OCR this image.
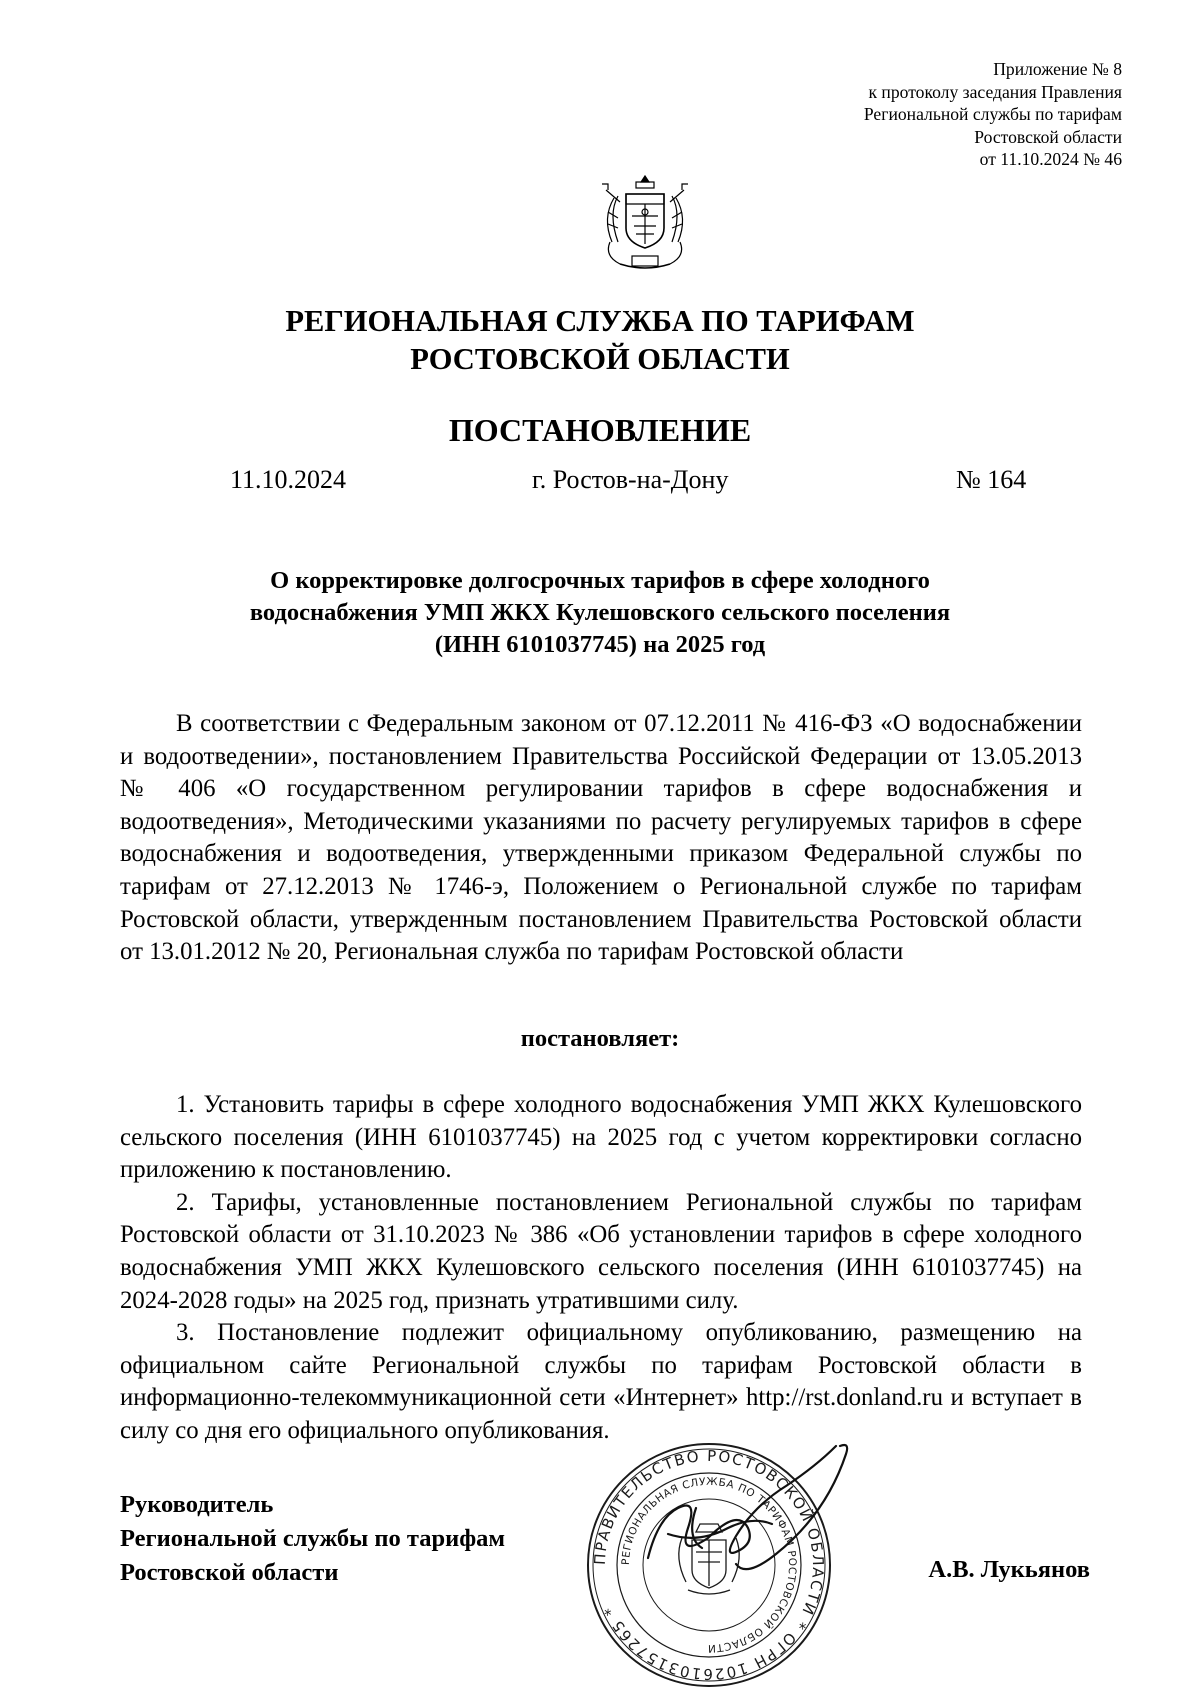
Приложение № 8
к протоколу заседания Правления
Региональной службы по тарифам
Ростовской области
от 11.10.2024 № 46
РЕГИОНАЛЬНАЯ СЛУЖБА ПО ТАРИФАМ
РОСТОВСКОЙ ОБЛАСТИ
ПОСТАНОВЛЕНИЕ
11.10.2024	г. Ростов-на-Дону	№ 164
О корректировке долгосрочных тарифов в сфере холодного
водоснабжения УМП ЖКХ Кулешовского сельского поселения
(ИНН 6101037745) на 2025 год
В соответствии с Федеральным законом от 07.12.2011 № 416-ФЗ «О водоснабжении и водоотведении», постановлением Правительства Российской Федерации от 13.05.2013 № 406 «О государственном регулировании тарифов в сфере водоснабжения и водоотведения», Методическими указаниями по расчету регулируемых тарифов в сфере водоснабжения и водоотведения, утвержденными приказом Федеральной службы по тарифам от 27.12.2013 № 1746-э, Положением о Региональной службе по тарифам Ростовской области, утвержденным постановлением Правительства Ростовской области от 13.01.2012 № 20, Региональная служба по тарифам Ростовской области
постановляет:

1. Установить тарифы в сфере холодного водоснабжения УМП ЖКХ Кулешовского сельского поселения (ИНН 6101037745) на 2025 год с учетом корректировки согласно приложению к постановлению.

2. Тарифы, установленные постановлением Региональной службы по тарифам Ростовской области от 31.10.2023 № 386 «Об установлении тарифов в сфере холодного водоснабжения УМП ЖКХ Кулешовского сельского поселения (ИНН 6101037745) на 2024-2028 годы» на 2025 год, признать утратившими силу.

3. Постановление подлежит официальному опубликованию, размещению на официальном сайте Региональной службы по тарифам Ростовской области в информационно-телекоммуникационной сети «Интернет» http://rst.donland.ru и вступает в силу со дня его официального опубликования.

Руководитель
Региональной службы по тарифам
Ростовской области
ПРАВИТЕЛЬСТВО РОСТОВСКОЙ ОБЛАСТИ * ОГРН 1026103157265 *
РЕГИОНАЛЬНАЯ СЛУЖБА ПО ТАРИФАМ РОСТОВСКОЙ ОБЛАСТИ
А.В. Лукьянов
